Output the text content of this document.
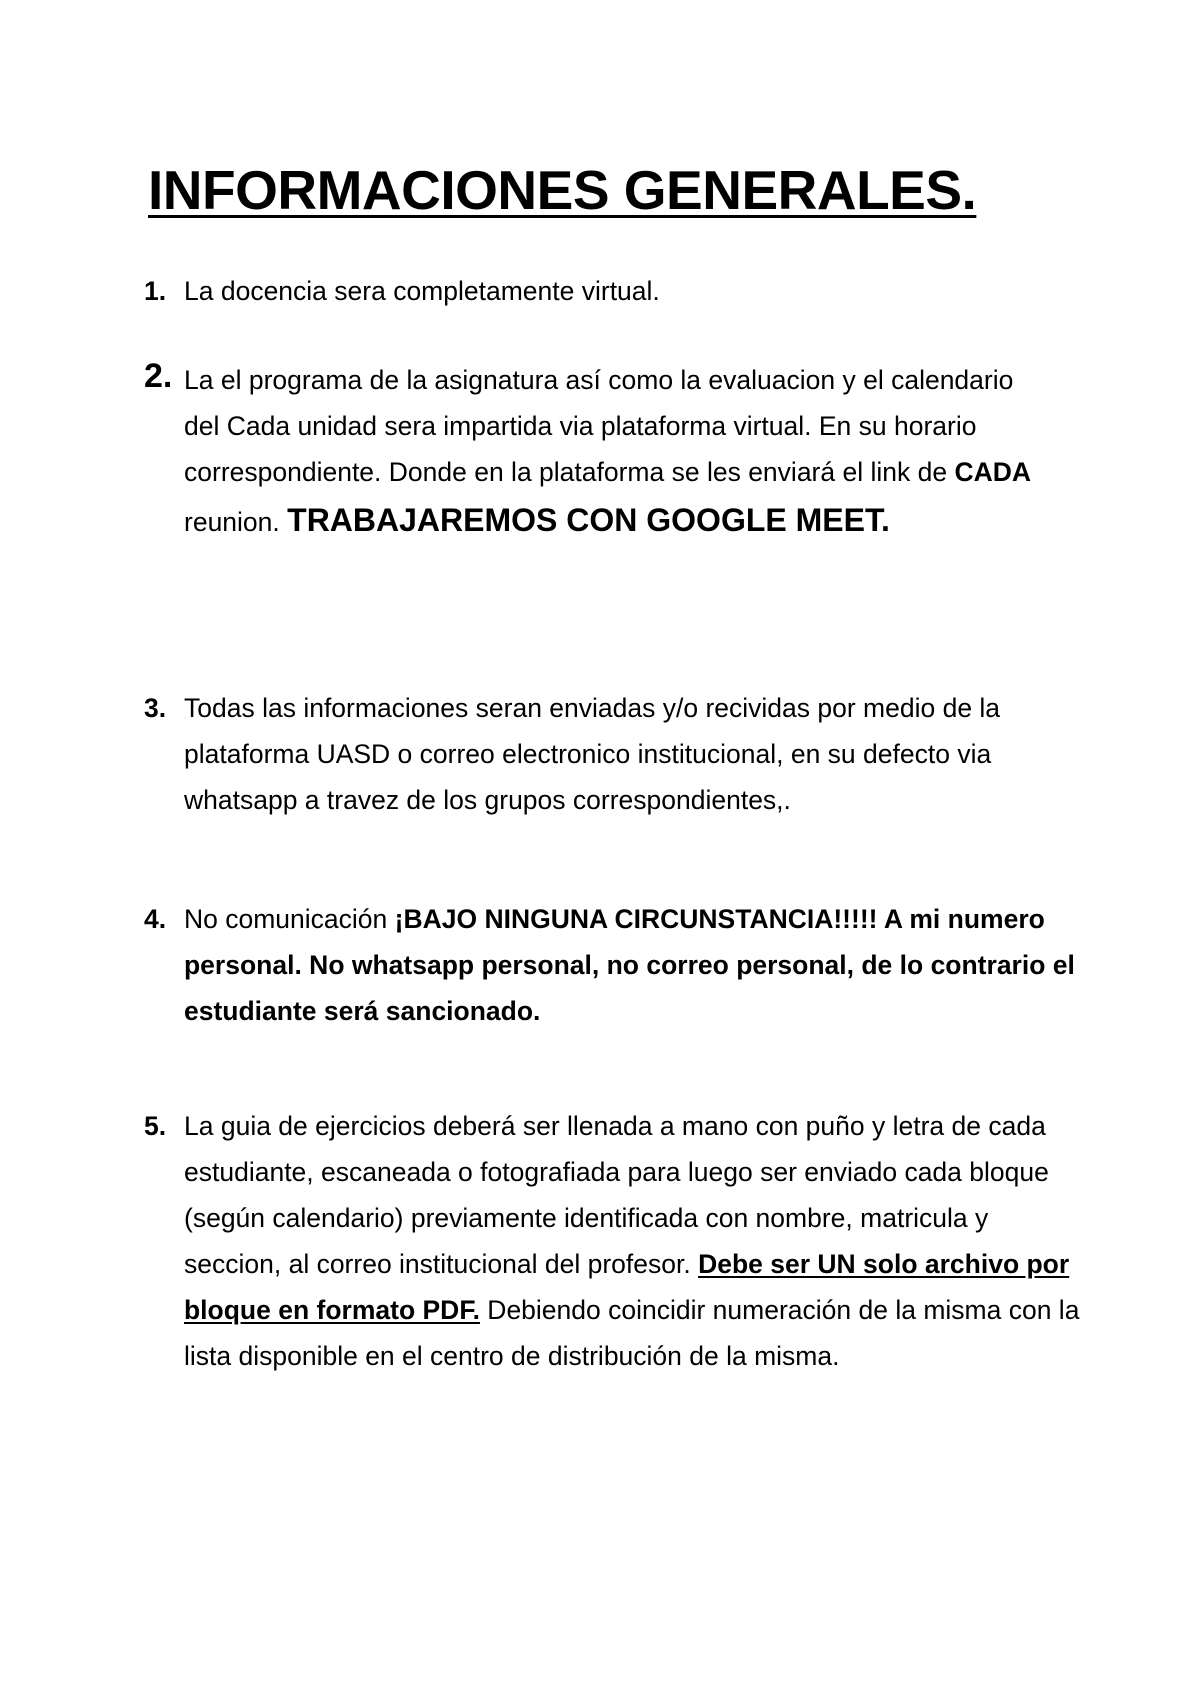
INFORMACIONES GENERALES.
1. La docencia sera completamente virtual.
2. La el programa de la asignatura así como la evaluacion y el calendario del Cada unidad sera impartida via plataforma virtual. En su horario correspondiente. Donde en la plataforma se les enviará el link de CADA reunion. TRABAJAREMOS CON GOOGLE MEET.
3. Todas las informaciones seran enviadas y/o recividas por medio de la plataforma UASD o correo electronico institucional, en su defecto via whatsapp a travez de los grupos correspondientes,.
4. No comunicación ¡BAJO NINGUNA CIRCUNSTANCIA!!!!! A mi numero personal. No whatsapp personal, no correo personal, de lo contrario el estudiante será sancionado.
5. La guia de ejercicios deberá ser llenada a mano con puño y letra de cada estudiante, escaneada o fotografiada para luego ser enviado cada bloque (según calendario) previamente identificada con nombre, matricula y seccion, al correo institucional del profesor. Debe ser UN solo archivo por bloque en formato PDF. Debiendo coincidir numeración de la misma con la lista disponible en el centro de distribución de la misma.
